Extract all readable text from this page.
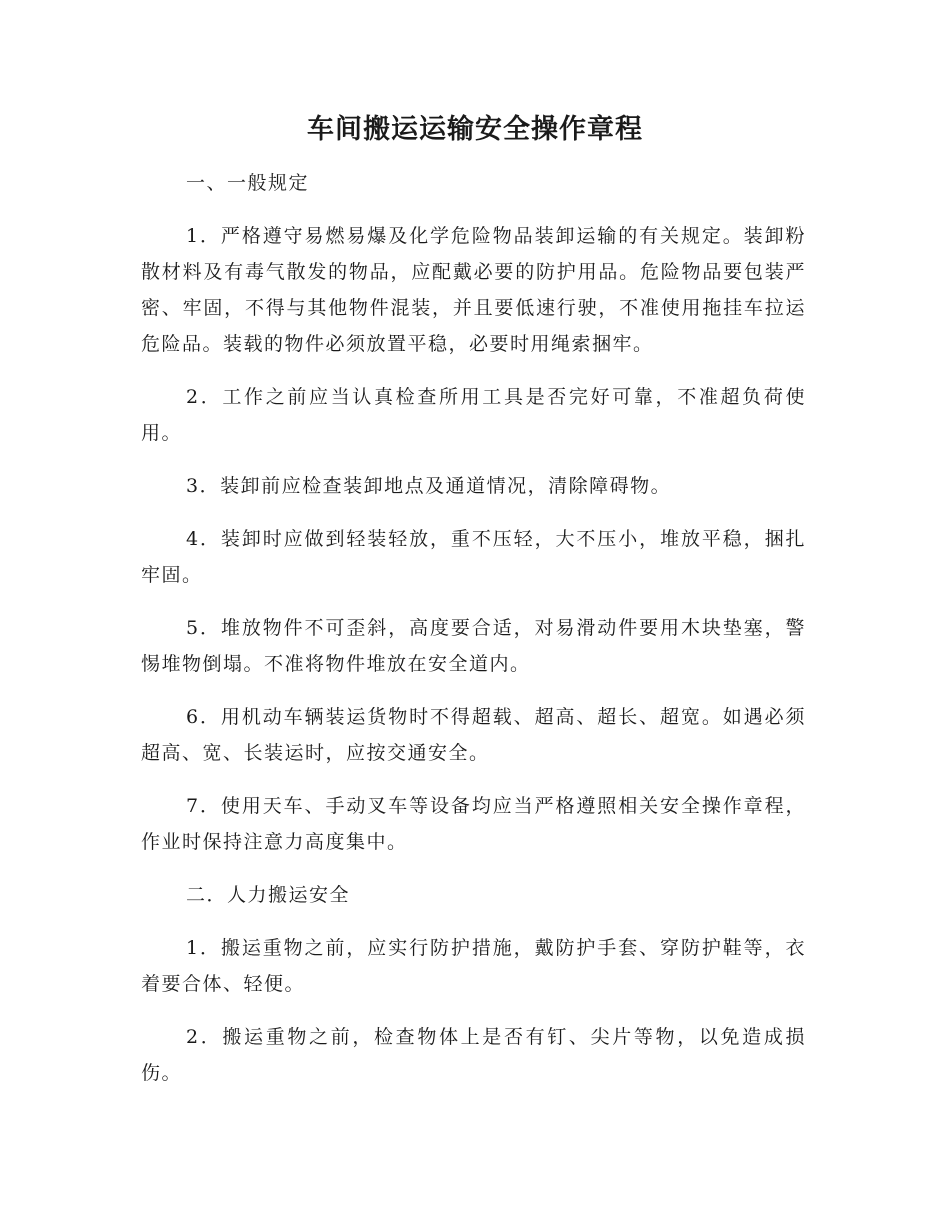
车间搬运运输安全操作章程

一、一般规定

1．严格遵守易燃易爆及化学危险物品装卸运输的有关规定。装卸粉散材料及有毒气散发的物品，应配戴必要的防护用品。危险物品要包装严密、牢固，不得与其他物件混装，并且要低速行驶，不准使用拖挂车拉运危险品。装载的物件必须放置平稳，必要时用绳索捆牢。

2．工作之前应当认真检查所用工具是否完好可靠，不准超负荷使用。

3．装卸前应检查装卸地点及通道情况，清除障碍物。

4．装卸时应做到轻装轻放，重不压轻，大不压小，堆放平稳，捆扎牢固。

5．堆放物件不可歪斜，高度要合适，对易滑动件要用木块垫塞，警惕堆物倒塌。不准将物件堆放在安全道内。

6．用机动车辆装运货物时不得超载、超高、超长、超宽。如遇必须超高、宽、长装运时，应按交通安全。

7．使用天车、手动叉车等设备均应当严格遵照相关安全操作章程，作业时保持注意力高度集中。

二．人力搬运安全

1．搬运重物之前，应实行防护措施，戴防护手套、穿防护鞋等，衣着要合体、轻便。

2．搬运重物之前，检查物体上是否有钉、尖片等物，以免造成损伤。
